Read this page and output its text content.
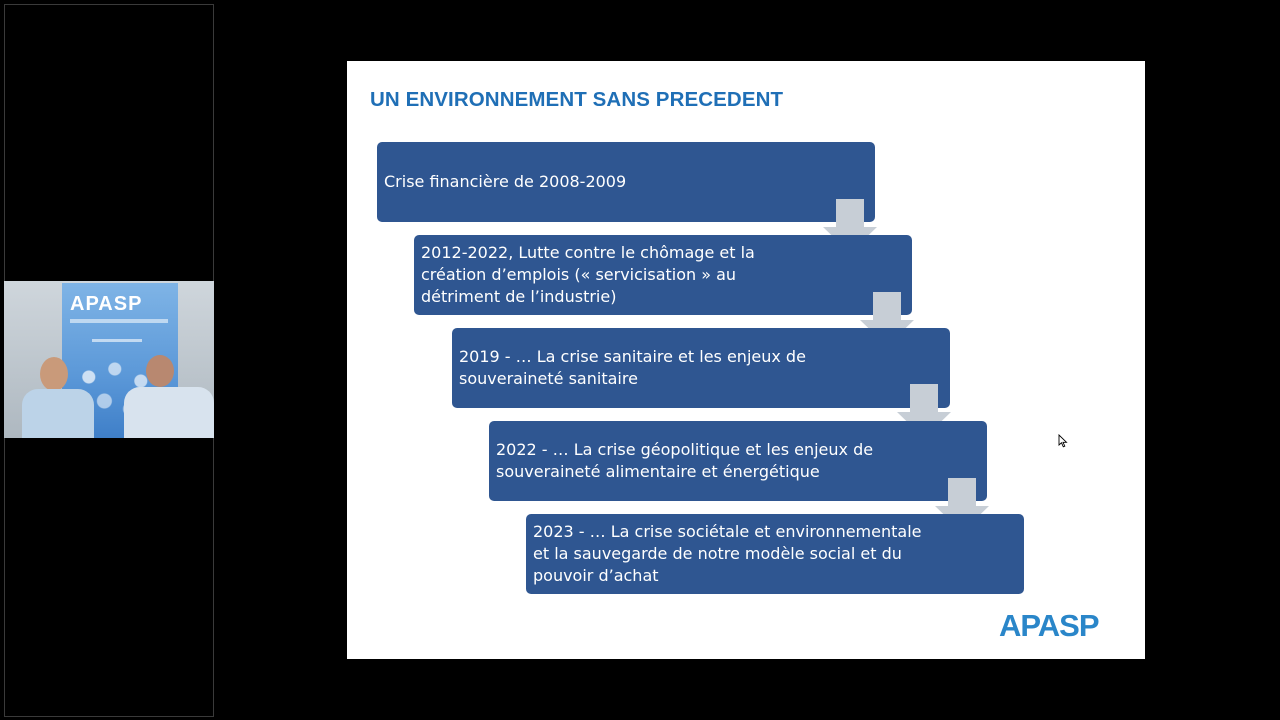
APASP
UN ENVIRONNEMENT SANS PRECEDENT
Crise financière de 2008-2009
2012-2022, Lutte contre le chômage et la
création d’emplois (« servicisation » au
détriment de l’industrie)
2019 - … La crise sanitaire et les enjeux de
souveraineté sanitaire
2022 - … La crise géopolitique et les enjeux de
souveraineté alimentaire et énergétique
2023 - … La crise sociétale et environnementale
et la sauvegarde de notre modèle social et du
pouvoir d’achat
APASP
